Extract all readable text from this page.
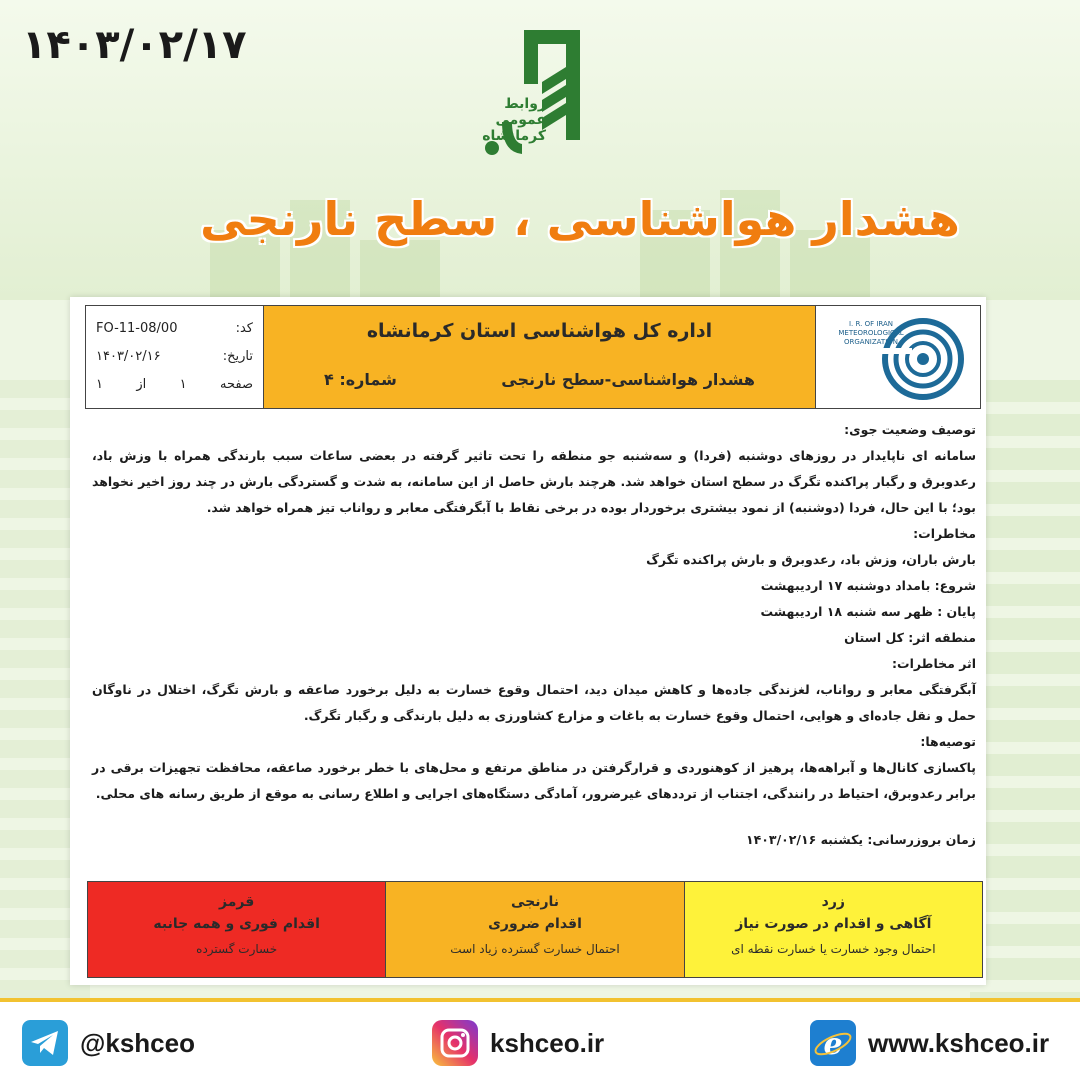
۱۴۰۳/۰۲/۱۷
روابط عمومی کرمانشاه
هشدار هواشناسی ، سطح نارنجی
کد:
FO-11-08/00
تاریخ:
۱۴۰۳/۰۲/۱۶
صفحه
۱
از
۱
اداره کل هواشناسی استان کرمانشاه
هشدار هواشناسی-سطح نارنجی
شماره: ۴
I. R. OF IRAN METEOROLOGICAL ORGANIZATION

توصیف وضعیت جوی:

سامانه ای ناپایدار در روزهای دوشنبه (فردا) و سه‌شنبه جو منطقه را تحت تاثیر گرفته در بعضی ساعات سبب بارندگی همراه با وزش باد، رعدوبرق و رگبار پراکنده تگرگ در سطح استان خواهد شد. هرچند بارش حاصل از این سامانه، به شدت و گستردگی بارش در چند روز اخیر نخواهد بود؛ با این حال، فردا (دوشنبه) از نمود بیشتری برخوردار بوده در برخی نقاط با آبگرفتگی معابر و رواناب تیز همراه خواهد شد.

مخاطرات:

بارش باران، وزش باد، رعدوبرق و بارش پراکنده تگرگ

شروع: بامداد دوشنبه ۱۷ اردیبهشت

پایان : ظهر سه شنبه ۱۸ اردیبهشت

منطقه اثر: کل استان

اثر مخاطرات:

آبگرفتگی معابر و رواناب، لغزندگی جاده‌ها و کاهش میدان دید، احتمال وقوع خسارت به دلیل برخورد صاعقه و بارش تگرگ، اختلال در ناوگان حمل و نقل جاده‌ای و هوایی، احتمال وقوع خسارت به باغات و مزارع کشاورزی به دلیل بارندگی و رگبار تگرگ.

توصیه‌ها:

پاکسازی کانال‌ها و آبراهه‌ها، پرهیز از کوهنوردی و قرارگرفتن در مناطق مرتفع و محل‌های با خطر برخورد صاعقه، محافظت تجهیزات برقی در برابر رعدوبرق، احتیاط در رانندگی، اجتناب از ترددهای غیرضرور، آمادگی دستگاه‌های اجرایی و اطلاع رسانی به موقع از طریق رسانه های محلی.

زمان بروزرسانی: یکشنبه ۱۴۰۳/۰۲/۱۶

قرمز
اقدام فوری و همه جانبه
خسارت گسترده
نارنجی
اقدام ضروری
احتمال خسارت گسترده زیاد است
زرد
آگاهی و اقدام در صورت نیاز
احتمال وجود خسارت یا خسارت نقطه ای
@kshceo	kshceo.ir	e www.kshceo.ir
